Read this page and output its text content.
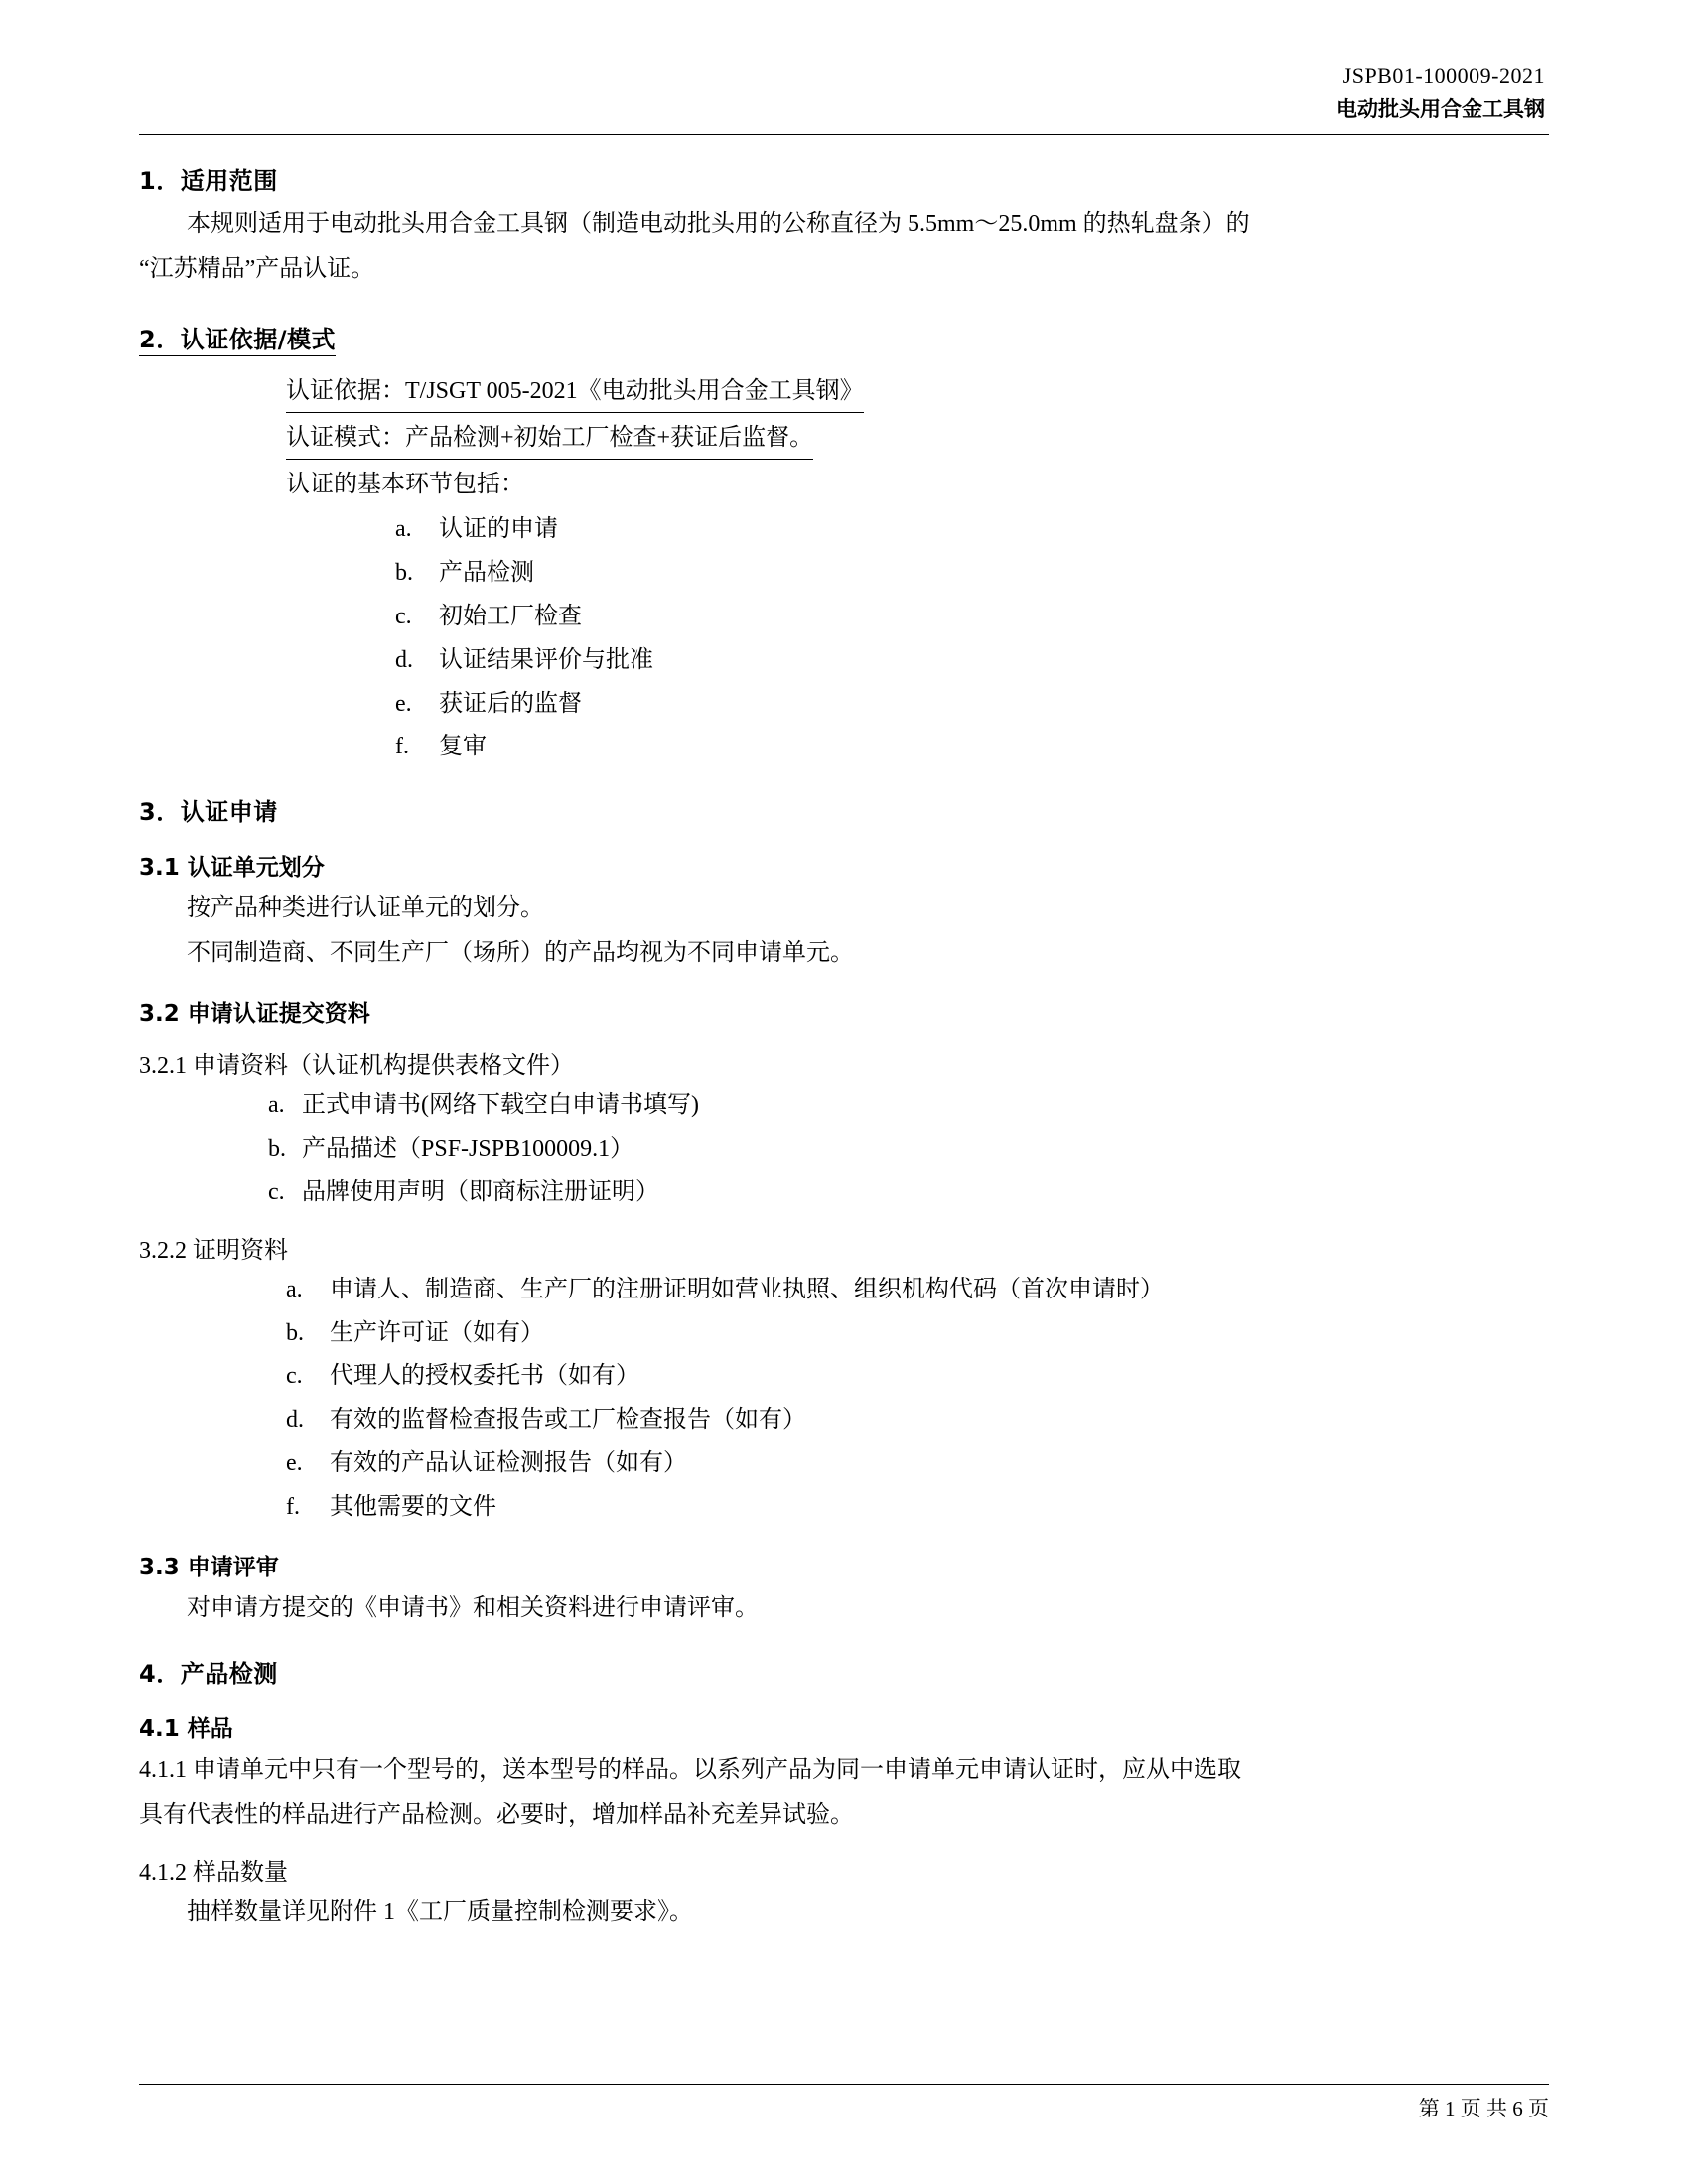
JSPB01-100009-2021
电动批头用合金工具钢
1．适用范围

本规则适用于电动批头用合金工具钢（制造电动批头用的公称直径为 5.5mm～25.0mm 的热轧盘条）的

“江苏精品”产品认证。

2．认证依据/模式

认证依据：T/JSGT 005-2021《电动批头用合金工具钢》

认证模式：产品检测+初始工厂检查+获证后监督。

认证的基本环节包括：

a.	认证的申请
b.	产品检测
c.	初始工厂检查
d.	认证结果评价与批准
e.	获证后的监督
f.	复审
3．认证申请
3.1 认证单元划分

按产品种类进行认证单元的划分。

不同制造商、不同生产厂（场所）的产品均视为不同申请单元。

3.2 申请认证提交资料
3.2.1 申请资料（认证机构提供表格文件）
a. 正式申请书(网络下载空白申请书填写)
b. 产品描述（PSF-JSPB100009.1）
c. 品牌使用声明（即商标注册证明）
3.2.2 证明资料
a.	申请人、制造商、生产厂的注册证明如营业执照、组织机构代码（首次申请时）
b.	生产许可证（如有）
c.	代理人的授权委托书（如有）
d.	有效的监督检查报告或工厂检查报告（如有）
e.	有效的产品认证检测报告（如有）
f.	其他需要的文件
3.3 申请评审

对申请方提交的《申请书》和相关资料进行申请评审。

4．产品检测
4.1 样品

4.1.1 申请单元中只有一个型号的，送本型号的样品。以系列产品为同一申请单元申请认证时，应从中选取

具有代表性的样品进行产品检测。必要时，增加样品补充差异试验。

4.1.2 样品数量

抽样数量详见附件 1《工厂质量控制检测要求》。

第 1 页 共 6 页
